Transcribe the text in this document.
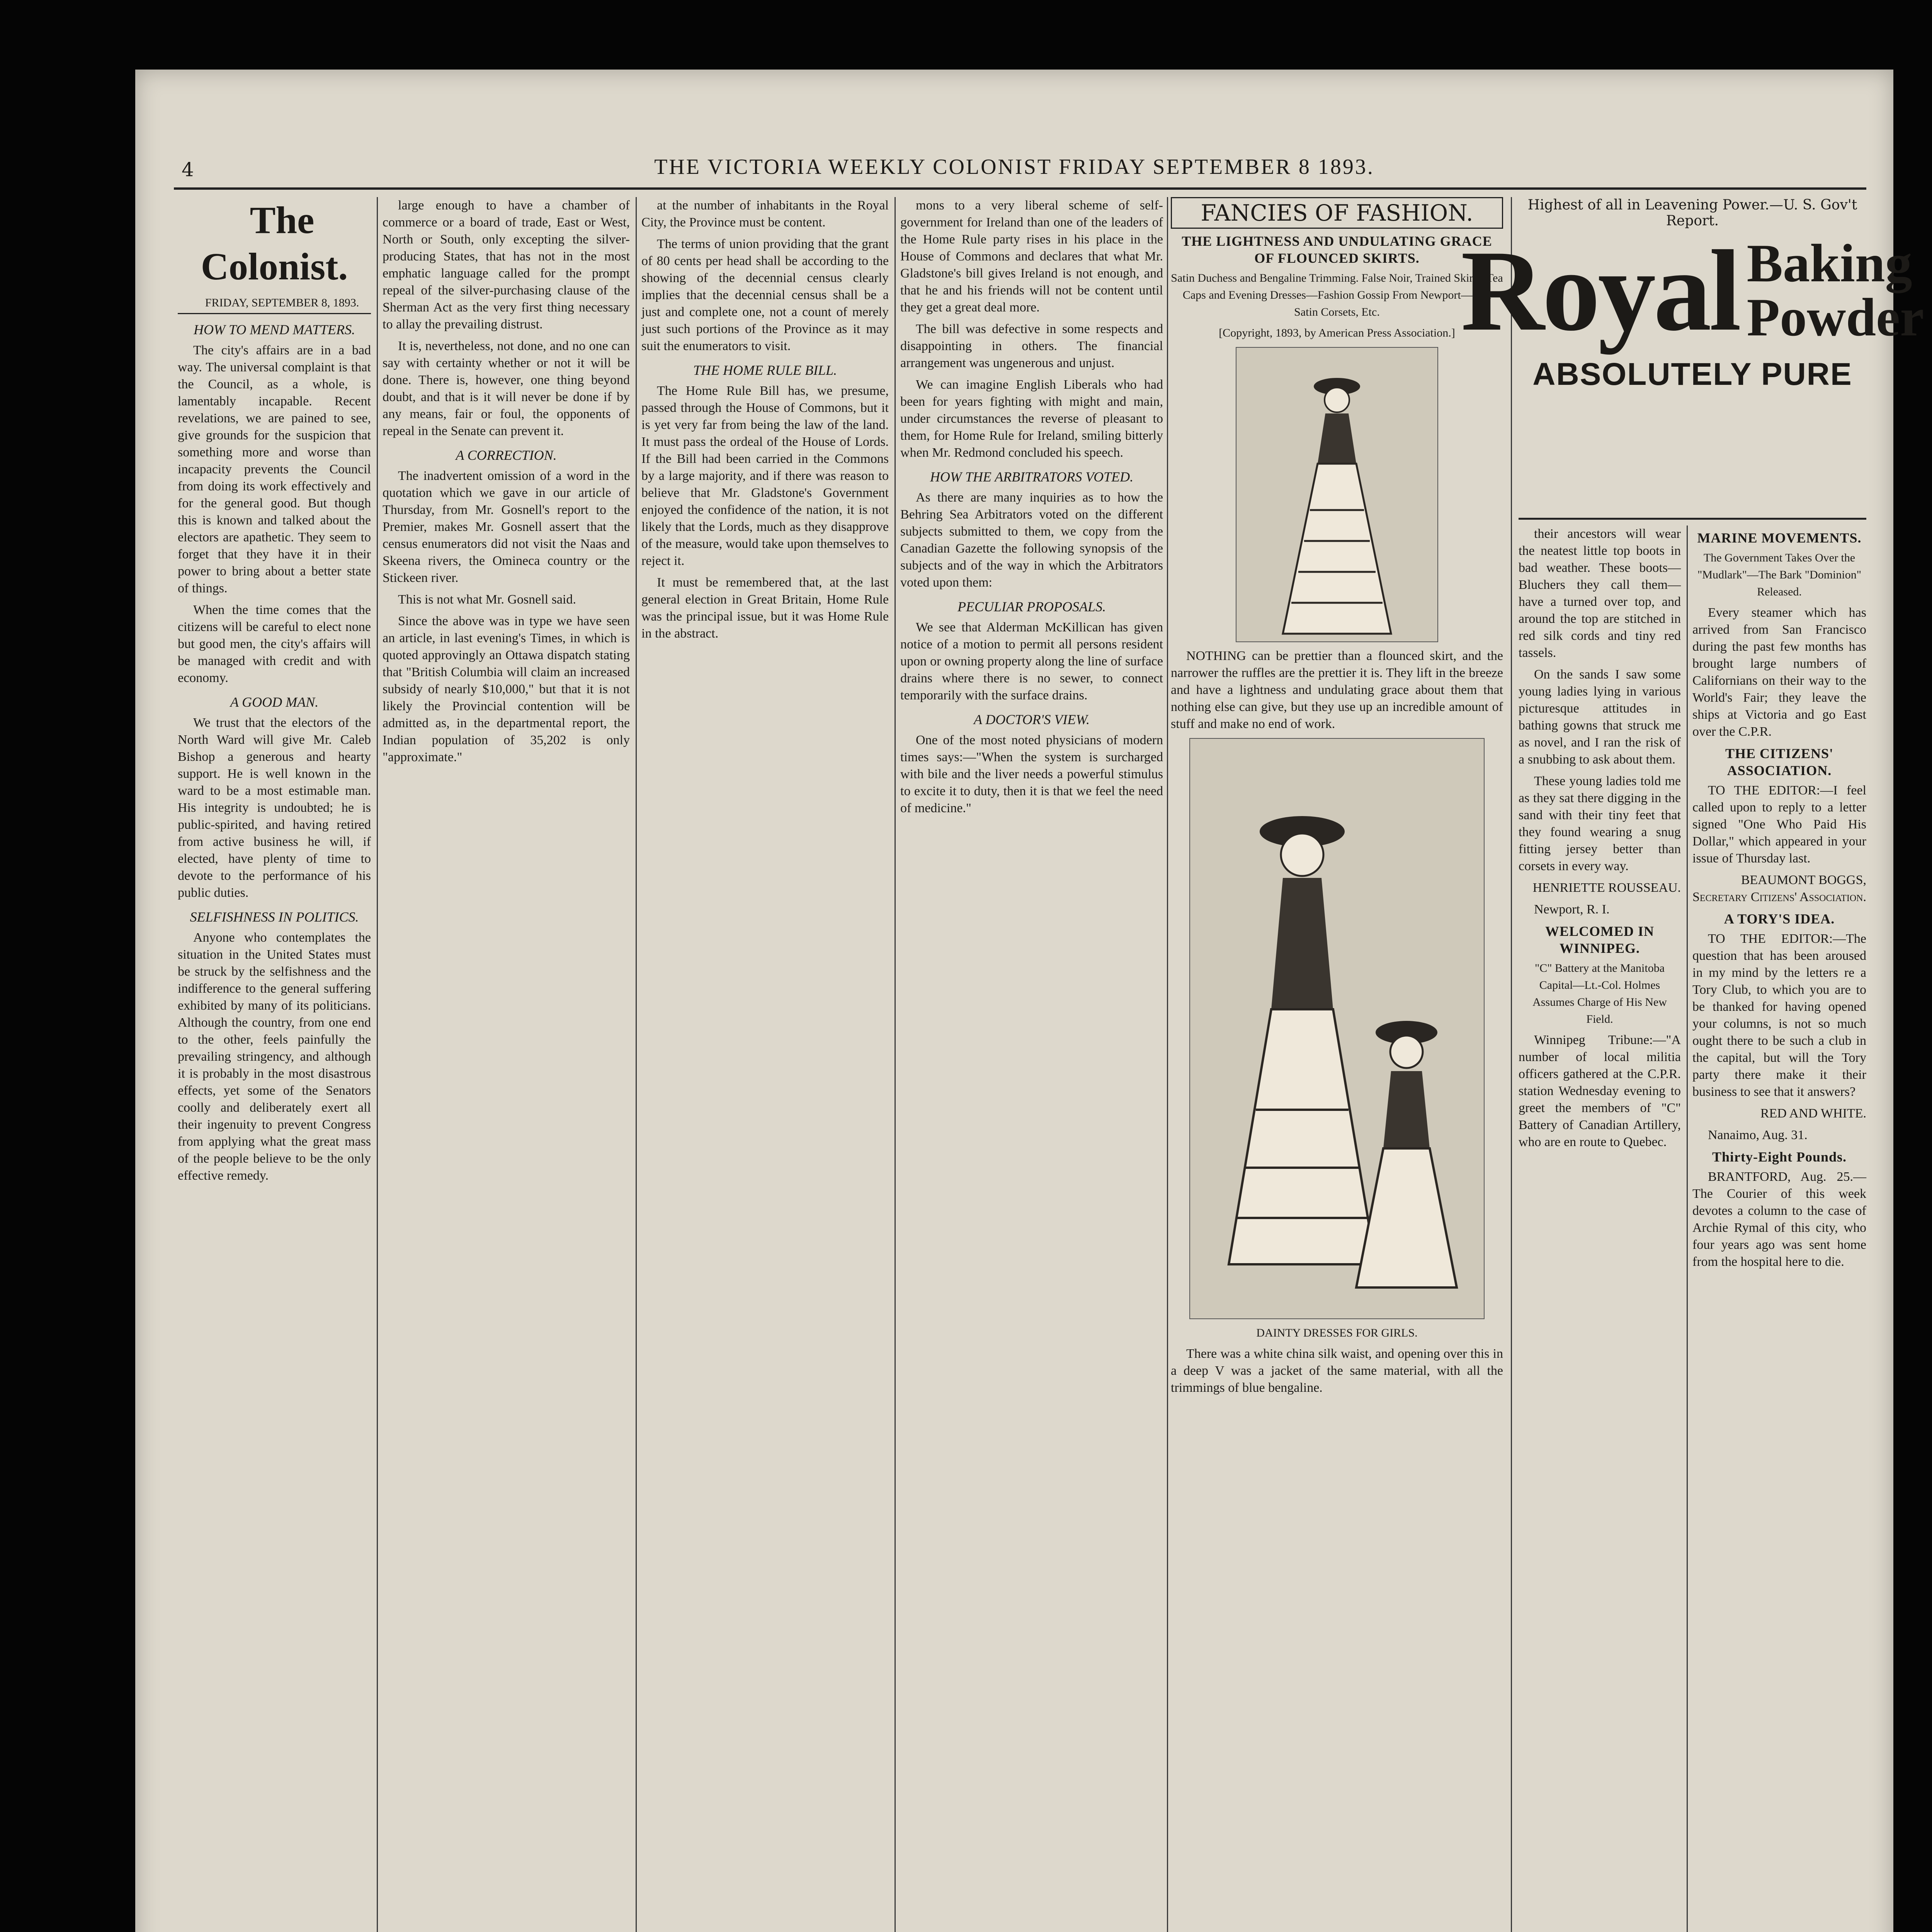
4	THE VICTORIA WEEKLY COLONIST FRIDAY SEPTEMBER 8 1893.

The Colonist.

FRIDAY, SEPTEMBER 8, 1893.

HOW TO MEND MATTERS.

The city's affairs are in a bad way. The universal complaint is that the Council, as a whole, is lamentably incapable. Recent revelations, we are pained to see, give grounds for the suspicion that something more and worse than incapacity prevents the Council from doing its work effectively and for the general good. But though this is known and talked about the electors are apathetic. They seem to forget that they have it in their power to bring about a better state of things.

When the time comes that the citizens will be careful to elect none but good men, the city's affairs will be managed with credit and with economy.

A GOOD MAN.

We trust that the electors of the North Ward will give Mr. Caleb Bishop a generous and hearty support. He is well known in the ward to be a most estimable man. His integrity is undoubted; he is public-spirited, and having retired from active business he will, if elected, have plenty of time to devote to the performance of his public duties.

SELFISHNESS IN POLITICS.

Anyone who contemplates the situation in the United States must be struck by the selfishness and the indifference to the general suffering exhibited by many of its politicians. Although the country, from one end to the other, feels painfully the prevailing stringency, and although it is probably in the most disastrous effects, yet some of the Senators coolly and deliberately exert all their ingenuity to prevent Congress from applying what the great mass of the people believe to be the only effective remedy.

large enough to have a chamber of commerce or a board of trade, East or West, North or South, only excepting the silver-producing States, that has not in the most emphatic language called for the prompt repeal of the silver-purchasing clause of the Sherman Act as the very first thing necessary to allay the prevailing distrust.

It is, nevertheless, not done, and no one can say with certainty whether or not it will be done. There is, however, one thing beyond doubt, and that is it will never be done if by any means, fair or foul, the opponents of repeal in the Senate can prevent it.

A CORRECTION.

The inadvertent omission of a word in the quotation which we gave in our article of Thursday, from Mr. Gosnell's report to the Premier, makes Mr. Gosnell assert that the census enumerators did not visit the Naas and Skeena rivers, the Omineca country or the Stickeen river.

This is not what Mr. Gosnell said.

Since the above was in type we have seen an article, in last evening's Times, in which is quoted approvingly an Ottawa dispatch stating that "British Columbia will claim an increased subsidy of nearly $10,000," but that it is not likely the Provincial contention will be admitted as, in the departmental report, the Indian population of 35,202 is only "approximate."

at the number of inhabitants in the Royal City, the Province must be content.

The terms of union providing that the grant of 80 cents per head shall be according to the showing of the decennial census clearly implies that the decennial census shall be a just and complete one, not a count of merely just such portions of the Province as it may suit the enumerators to visit.

THE HOME RULE BILL.

The Home Rule Bill has, we presume, passed through the House of Commons, but it is yet very far from being the law of the land. It must pass the ordeal of the House of Lords. If the Bill had been carried in the Commons by a large majority, and if there was reason to believe that Mr. Gladstone's Government enjoyed the confidence of the nation, it is not likely that the Lords, much as they disapprove of the measure, would take upon themselves to reject it.

It must be remembered that, at the last general election in Great Britain, Home Rule was the principal issue, but it was Home Rule in the abstract.

mons to a very liberal scheme of self-government for Ireland than one of the leaders of the Home Rule party rises in his place in the House of Commons and declares that what Mr. Gladstone's bill gives Ireland is not enough, and that he and his friends will not be content until they get a great deal more.

The bill was defective in some respects and disappointing in others. The financial arrangement was ungenerous and unjust.

We can imagine English Liberals who had been for years fighting with might and main, under circumstances the reverse of pleasant to them, for Home Rule for Ireland, smiling bitterly when Mr. Redmond concluded his speech.

HOW THE ARBITRATORS VOTED.

As there are many inquiries as to how the Behring Sea Arbitrators voted on the different subjects submitted to them, we copy from the Canadian Gazette the following synopsis of the subjects and of the way in which the Arbitrators voted upon them:

PECULIAR PROPOSALS.

We see that Alderman McKillican has given notice of a motion to permit all persons resident upon or owning property along the line of surface drains where there is no sewer, to connect temporarily with the surface drains.

A DOCTOR'S VIEW.

One of the most noted physicians of modern times says:—"When the system is surcharged with bile and the liver needs a powerful stimulus to excite it to duty, then it is that we feel the need of medicine."

FANCIES OF FASHION.

THE LIGHTNESS AND UNDULATING GRACE OF FLOUNCED SKIRTS.

Satin Duchess and Bengaline Trimming. False Noir, Trained Skirts, Tea Caps and Evening Dresses—Fashion Gossip From Newport—Red Satin Corsets, Etc.

[Copyright, 1893, by American Press Association.]

NOTHING can be prettier than a flounced skirt, and the narrower the ruffles are the prettier it is. They lift in the breeze and have a lightness and undulating grace about them that nothing else can give, but they use up an incredible amount of stuff and make no end of work.

DAINTY DRESSES FOR GIRLS.

There was a white china silk waist, and opening over this in a deep V was a jacket of the same material, with all the trimmings of blue bengaline.

Highest of all in Leavening Power.—U. S. Gov't Report.

Royal Baking
Powder
ABSOLUTELY PURE

their ancestors will wear the neatest little top boots in bad weather. These boots—Bluchers they call them—have a turned over top, and around the top are stitched in red silk cords and tiny red tassels.

On the sands I saw some young ladies lying in various picturesque attitudes in bathing gowns that struck me as novel, and I ran the risk of a snubbing to ask about them.

These young ladies told me as they sat there digging in the sand with their tiny feet that they found wearing a snug fitting jersey better than corsets in every way.

HENRIETTE ROUSSEAU.

Newport, R. I.

WELCOMED IN WINNIPEG.

"C" Battery at the Manitoba Capital—Lt.-Col. Holmes Assumes Charge of His New Field.

Winnipeg Tribune:—"A number of local militia officers gathered at the C.P.R. station Wednesday evening to greet the members of "C" Battery of Canadian Artillery, who are en route to Quebec.

MARINE MOVEMENTS.

The Government Takes Over the "Mudlark"—The Bark "Dominion" Released.

Every steamer which has arrived from San Francisco during the past few months has brought large numbers of Californians on their way to the World's Fair; they leave the ships at Victoria and go East over the C.P.R.

THE CITIZENS' ASSOCIATION.

TO THE EDITOR:—I feel called upon to reply to a letter signed "One Who Paid His Dollar," which appeared in your issue of Thursday last.

BEAUMONT BOGGS, Secretary Citizens' Association.

A TORY'S IDEA.

TO THE EDITOR:—The question that has been aroused in my mind by the letters re a Tory Club, to which you are to be thanked for having opened your columns, is not so much ought there to be such a club in the capital, but will the Tory party there make it their business to see that it answers?

RED AND WHITE.

Nanaimo, Aug. 31.

Thirty-Eight Pounds.

BRANTFORD, Aug. 25.—The Courier of this week devotes a column to the case of Archie Rymal of this city, who four years ago was sent home from the hospital here to die.
